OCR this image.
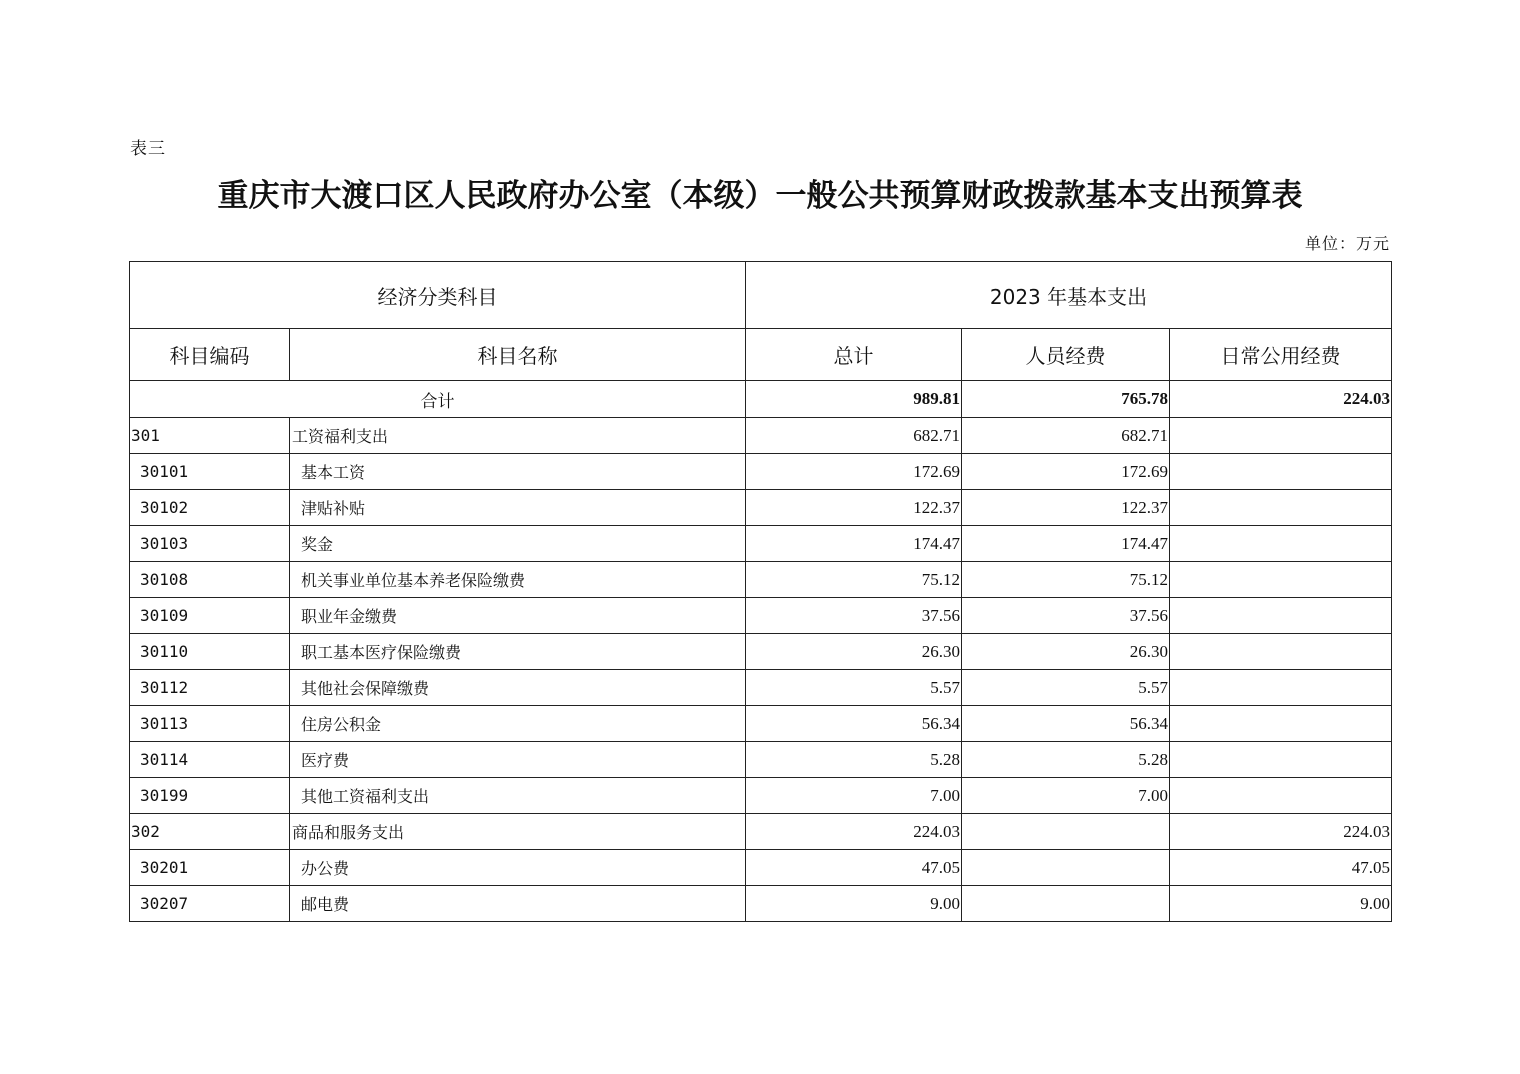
表三
重庆市大渡口区人民政府办公室（本级）一般公共预算财政拨款基本支出预算表
单位：万元
经济分类科目		2023 年基本支出		
科目编码	科目名称	总计	人员经费	日常公用经费
合计		989.81	765.78	224.03
301	工资福利支出	682.71	682.71	
30101	基本工资	172.69	172.69	
30102	津贴补贴	122.37	122.37	
30103	奖金	174.47	174.47	
30108	机关事业单位基本养老保险缴费	75.12	75.12	
30109	职业年金缴费	37.56	37.56	
30110	职工基本医疗保险缴费	26.30	26.30	
30112	其他社会保障缴费	5.57	5.57	
30113	住房公积金	56.34	56.34	
30114	医疗费	5.28	5.28	
30199	其他工资福利支出	7.00	7.00	
302	商品和服务支出	224.03		224.03
30201	办公费	47.05		47.05
30207	邮电费	9.00		9.00
